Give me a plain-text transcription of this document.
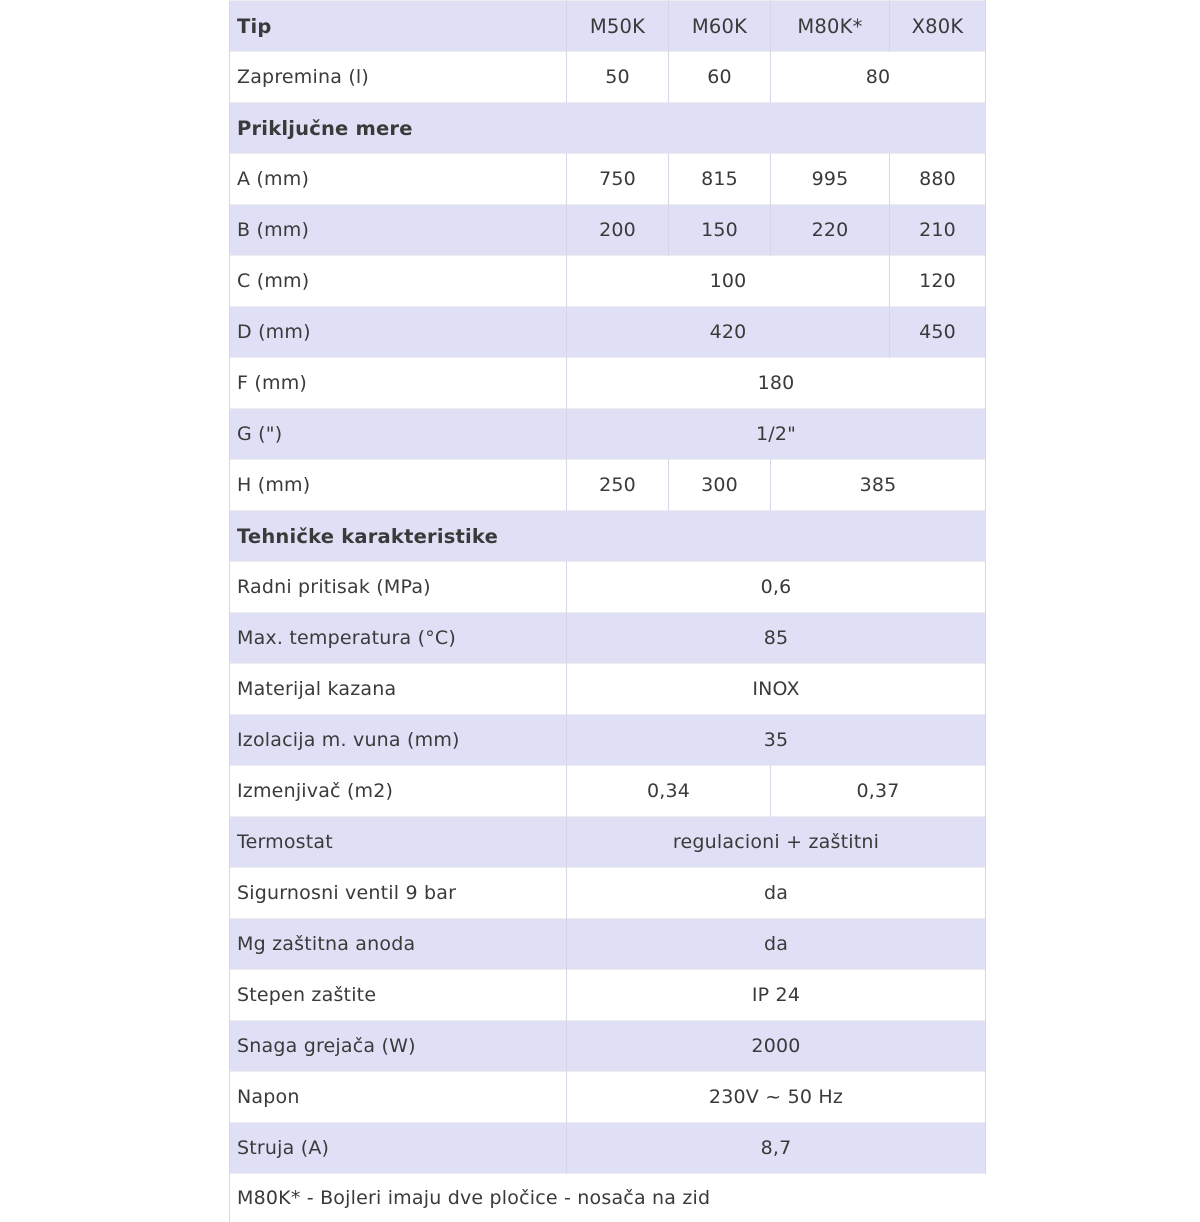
Tip	M50K	M60K	M80K*	X80K
Zapremina (l)	50	60	80	
Priključne mere				
A (mm)	750	815	995	880
B (mm)	200	150	220	210
C (mm)	100			120
D (mm)	420			450
F (mm)	180			
G (")	1/2"			
H (mm)	250	300	385	
Tehničke karakteristike				
Radni pritisak (MPa)	0,6			
Max. temperatura (°C)	85			
Materijal kazana	INOX			
Izolacija m. vuna (mm)	35			
Izmenjivač (m2)	0,34		0,37	
Termostat	regulacioni + zaštitni			
Sigurnosni ventil 9 bar	da			
Mg zaštitna anoda	da			
Stepen zaštite	IP 24			
Snaga grejača (W)	2000			
Napon	230V ~ 50 Hz			
Struja (A)	8,7			
M80K* - Bojleri imaju dve pločice - nosača na zid				
